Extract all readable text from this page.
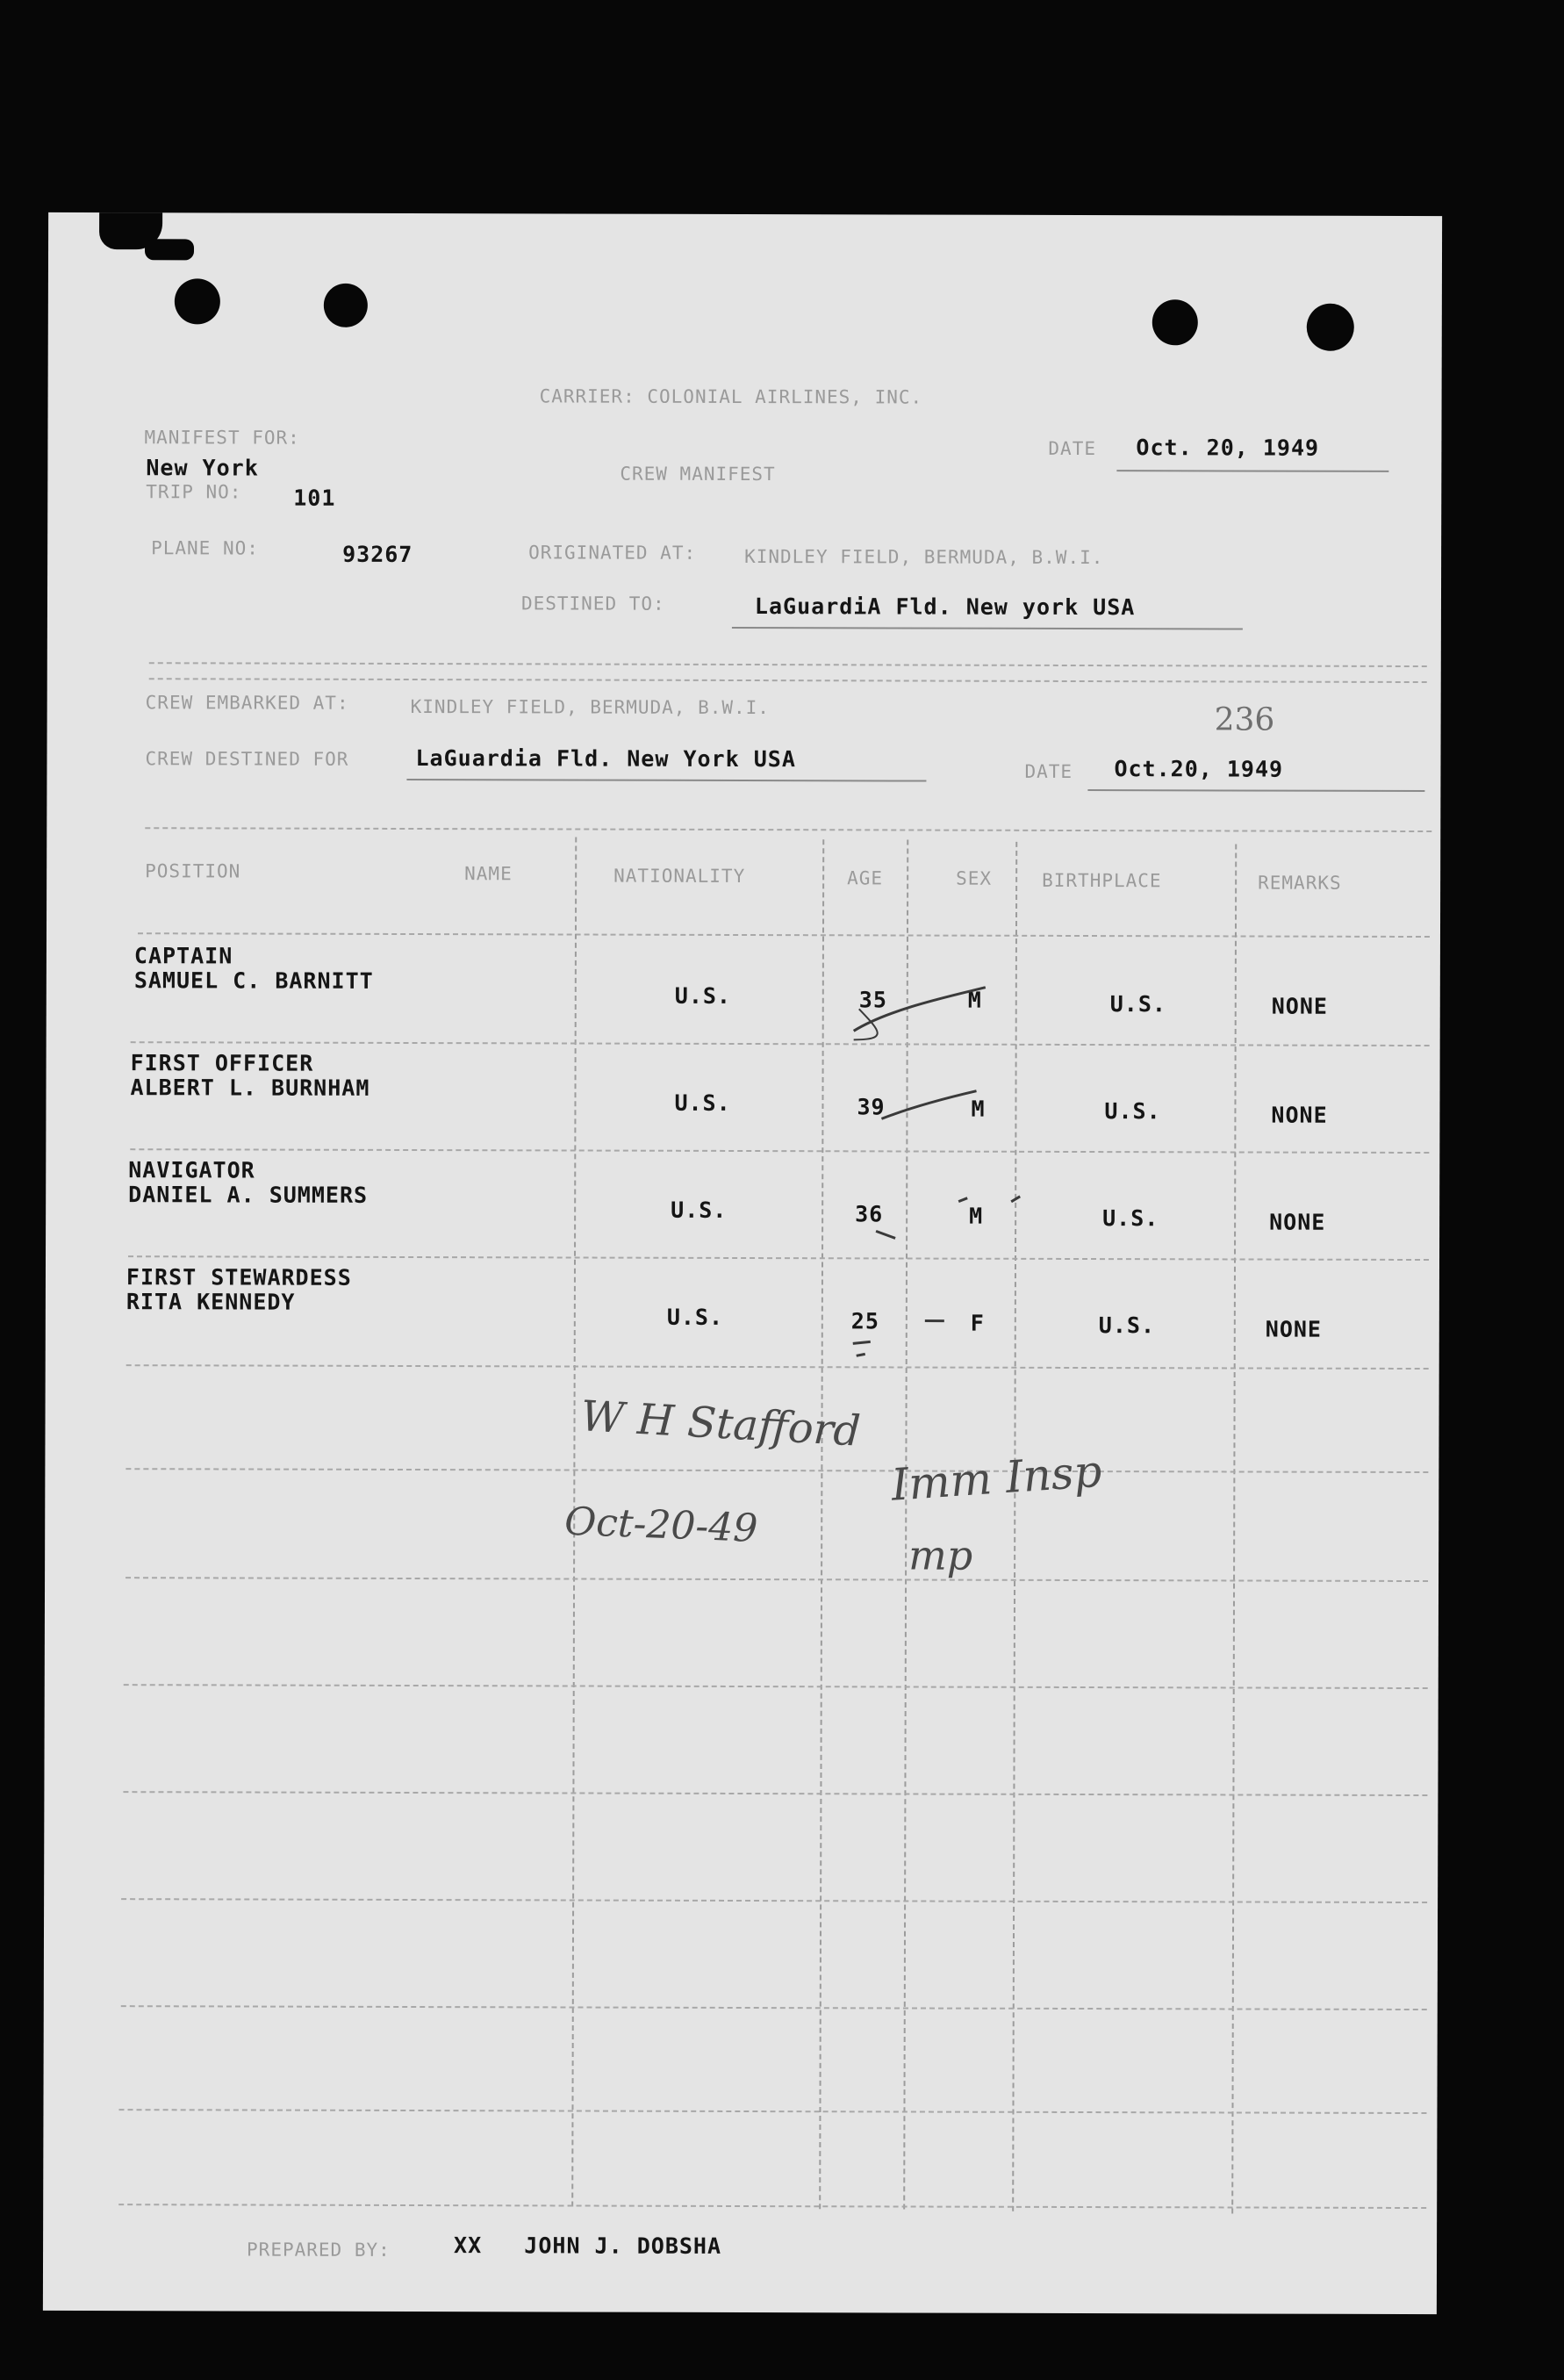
CARRIER: COLONIAL AIRLINES, INC.
MANIFEST FOR:
New York
TRIP NO: 101
CREW MANIFEST
DATE Oct. 20, 1949
PLANE NO:	93267	ORIGINATED AT:	KINDLEY FIELD, BERMUDA, B.W.I.
DESTINED TO:	LaGuardiA Fld. New york USA
CREW EMBARKED AT:	KINDLEY FIELD, BERMUDA, B.W.I.	236
CREW DESTINED FOR	LaGuardia Fld. New York USA	DATE Oct.20, 1949
POSITION	NAME	NATIONALITY	AGE	SEX	BIRTHPLACE	REMARKS
CAPTAIN
SAMUEL C. BARNITT
U.S.	35	M	U.S.	NONE
FIRST OFFICER
ALBERT L. BURNHAM
U.S.	39	M	U.S.	NONE
NAVIGATOR
DANIEL A. SUMMERS
U.S.	36	M	U.S.	NONE
FIRST STEWARDESS
RITA KENNEDY
U.S.	25	F	U.S.	NONE
W H Stafford
Imm Insp
Oct-20-49
mp
PREPARED BY:	XX   JOHN J. DOBSHA
